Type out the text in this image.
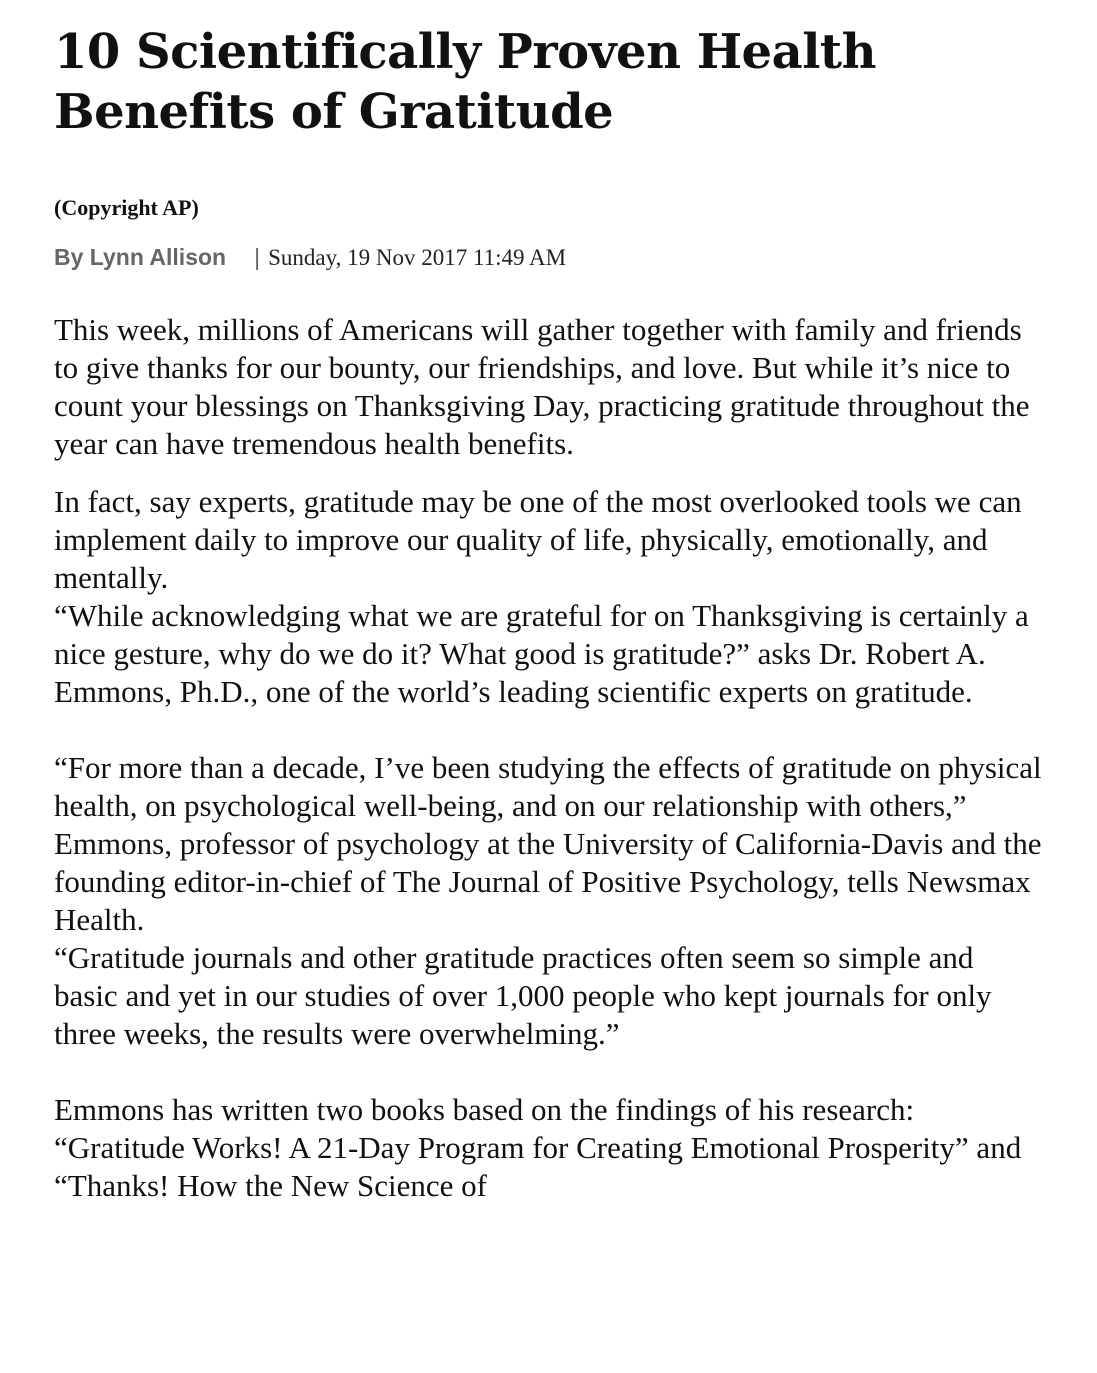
10 Scientifically Proven Health Benefits of Gratitude
(Copyright AP)
By Lynn Allison | Sunday, 19 Nov 2017 11:49 AM

This week, millions of Americans will gather together with family and friends to give thanks for our bounty, our friendships, and love. But while it’s nice to count your blessings on Thanksgiving Day, practicing gratitude throughout the year can have tremendous health benefits.

In fact, say experts, gratitude may be one of the most overlooked tools we can implement daily to improve our quality of life, physically, emotionally, and mentally.

“While acknowledging what we are grateful for on Thanksgiving is certainly a nice gesture, why do we do it? What good is gratitude?” asks Dr. Robert A. Emmons, Ph.D., one of the world’s leading scientific experts on gratitude.

“For more than a decade, I’ve been studying the effects of gratitude on physical health, on psychological well-being, and on our relationship with others,” Emmons, professor of psychology at the University of California-Davis and the founding editor-in-chief of The Journal of Positive Psychology, tells Newsmax Health.

“Gratitude journals and other gratitude practices often seem so simple and basic and yet in our studies of over 1,000 people who kept journals for only three weeks, the results were overwhelming.”

Emmons has written two books based on the findings of his research: “Gratitude Works! A 21-Day Program for Creating Emotional Prosperity” and “Thanks! How the New Science of
